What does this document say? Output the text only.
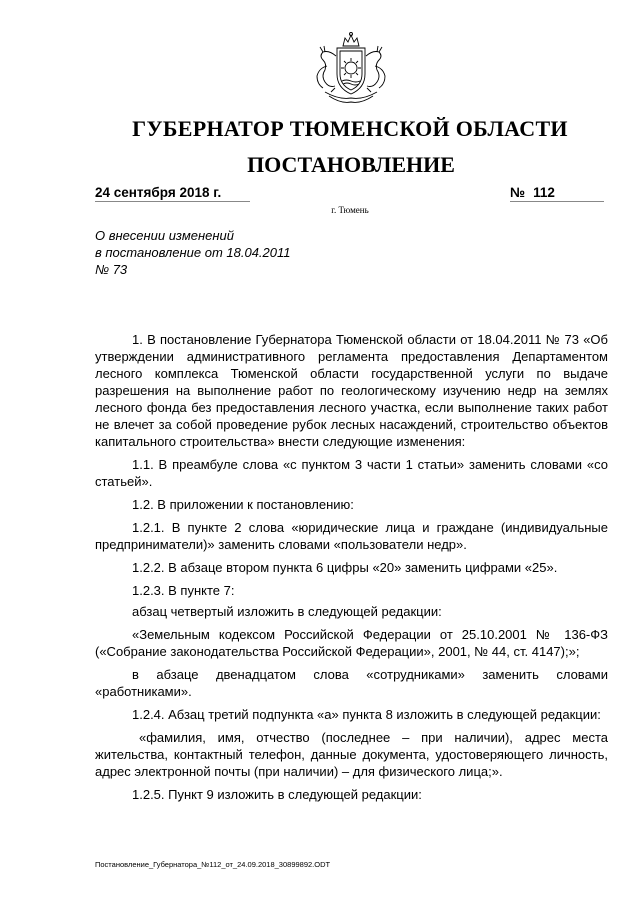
ГУБЕРНАТОР ТЮМЕНСКОЙ ОБЛАСТИ
ПОСТАНОВЛЕНИЕ
24 сентября 2018 г.	№ 112
г. Тюмень
О внесении изменений
в постановление от 18.04.2011
№ 73

1. В постановление Губернатора Тюменской области от 18.04.2011 № 73 «Об утверждении административного регламента предоставления Департаментом лесного комплекса Тюменской области государственной услуги по выдаче разрешения на выполнение работ по геологическому изучению недр на землях лесного фонда без предоставления лесного участка, если выполнение таких работ не влечет за собой проведение рубок лесных насаждений, строительство объектов капитального строительства» внести следующие изменения:

1.1. В преамбуле слова «с пунктом 3 части 1 статьи» заменить словами «со статьей».

1.2. В приложении к постановлению:

1.2.1. В пункте 2 слова «юридические лица и граждане (индивидуальные предприниматели)» заменить словами «пользователи недр».

1.2.2. В абзаце втором пункта 6 цифры «20» заменить цифрами «25».

1.2.3. В пункте 7:

абзац четвертый изложить в следующей редакции:

«Земельным кодексом Российской Федерации от 25.10.2001 № 136-ФЗ («Собрание законодательства Российской Федерации», 2001, № 44, ст. 4147);»;

в абзаце двенадцатом слова «сотрудниками» заменить словами «работниками».

1.2.4. Абзац третий подпункта «а» пункта 8 изложить в следующей редакции:

«фамилия, имя, отчество (последнее – при наличии), адрес места жительства, контактный телефон, данные документа, удостоверяющего личность, адрес электронной почты (при наличии) – для физического лица;».

1.2.5. Пункт 9 изложить в следующей редакции:

Постановление_Губернатора_№112_от_24.09.2018_30899892.ODT
